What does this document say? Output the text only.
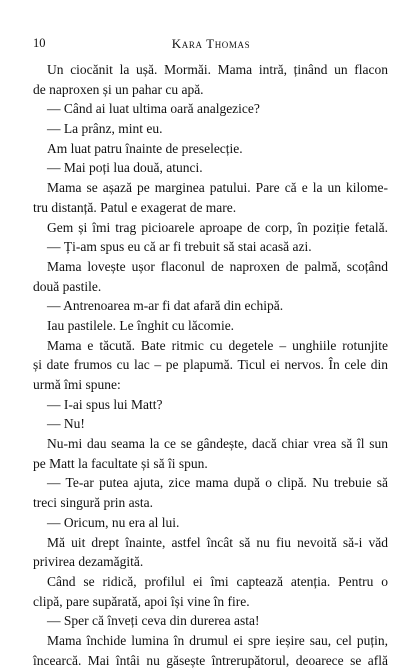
10	Kara Thomas
Un ciocănit la ușă. Mormăi. Mama intră, ținând un flacon
de naproxen și un pahar cu apă.
— Când ai luat ultima oară analgezice?
— La prânz, mint eu.
Am luat patru înainte de preselecție.
— Mai poți lua două, atunci.
Mama se așază pe marginea patului. Pare că e la un kilome-
tru distanță. Patul e exagerat de mare.
Gem și îmi trag picioarele aproape de corp, în poziție fetală.
— Ți-am spus eu că ar fi trebuit să stai acasă azi.
Mama lovește ușor flaconul de naproxen de palmă, scoțând
două pastile.
— Antrenoarea m-ar fi dat afară din echipă.
Iau pastilele. Le înghit cu lăcomie.
Mama e tăcută. Bate ritmic cu degetele – unghiile rotunjite
și date frumos cu lac – pe plapumă. Ticul ei nervos. În cele din
urmă îmi spune:
— I-ai spus lui Matt?
— Nu!
Nu-mi dau seama la ce se gândește, dacă chiar vrea să îl sun
pe Matt la facultate și să îi spun.
— Te-ar putea ajuta, zice mama după o clipă. Nu trebuie să
treci singură prin asta.
— Oricum, nu era al lui.
Mă uit drept înainte, astfel încât să nu fiu nevoită să-i văd
privirea dezamăgită.
Când se ridică, profilul ei îmi captează atenția. Pentru o
clipă, pare supărată, apoi își vine în fire.
— Sper că înveți ceva din durerea asta!
Mama închide lumina în drumul ei spre ieșire sau, cel puțin,
încearcă. Mai întâi nu găsește întrerupătorul, deoarece se află
